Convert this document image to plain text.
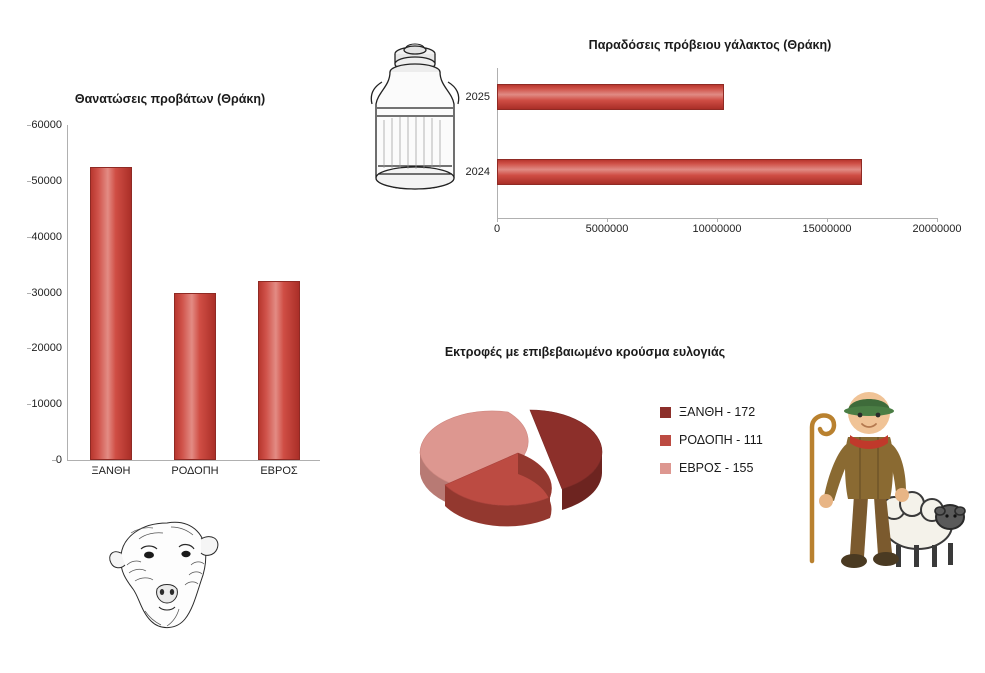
Θανατώσεις προβάτων (Θράκη)
0
10000
20000
30000
40000
50000
60000
ΞΑΝΘΗ	ΡΟΔΟΠΗ	ΕΒΡΟΣ
Παραδόσεις πρόβειου γάλακτος (Θράκη)
2025
2024
0	5000000	10000000	15000000	20000000
Εκτροφές με επιβεβαιωμένο κρούσμα ευλογιάς
ΞΑΝΘΗ - 172
ΡΟΔΟΠΗ - 111
ΕΒΡΟΣ - 155
